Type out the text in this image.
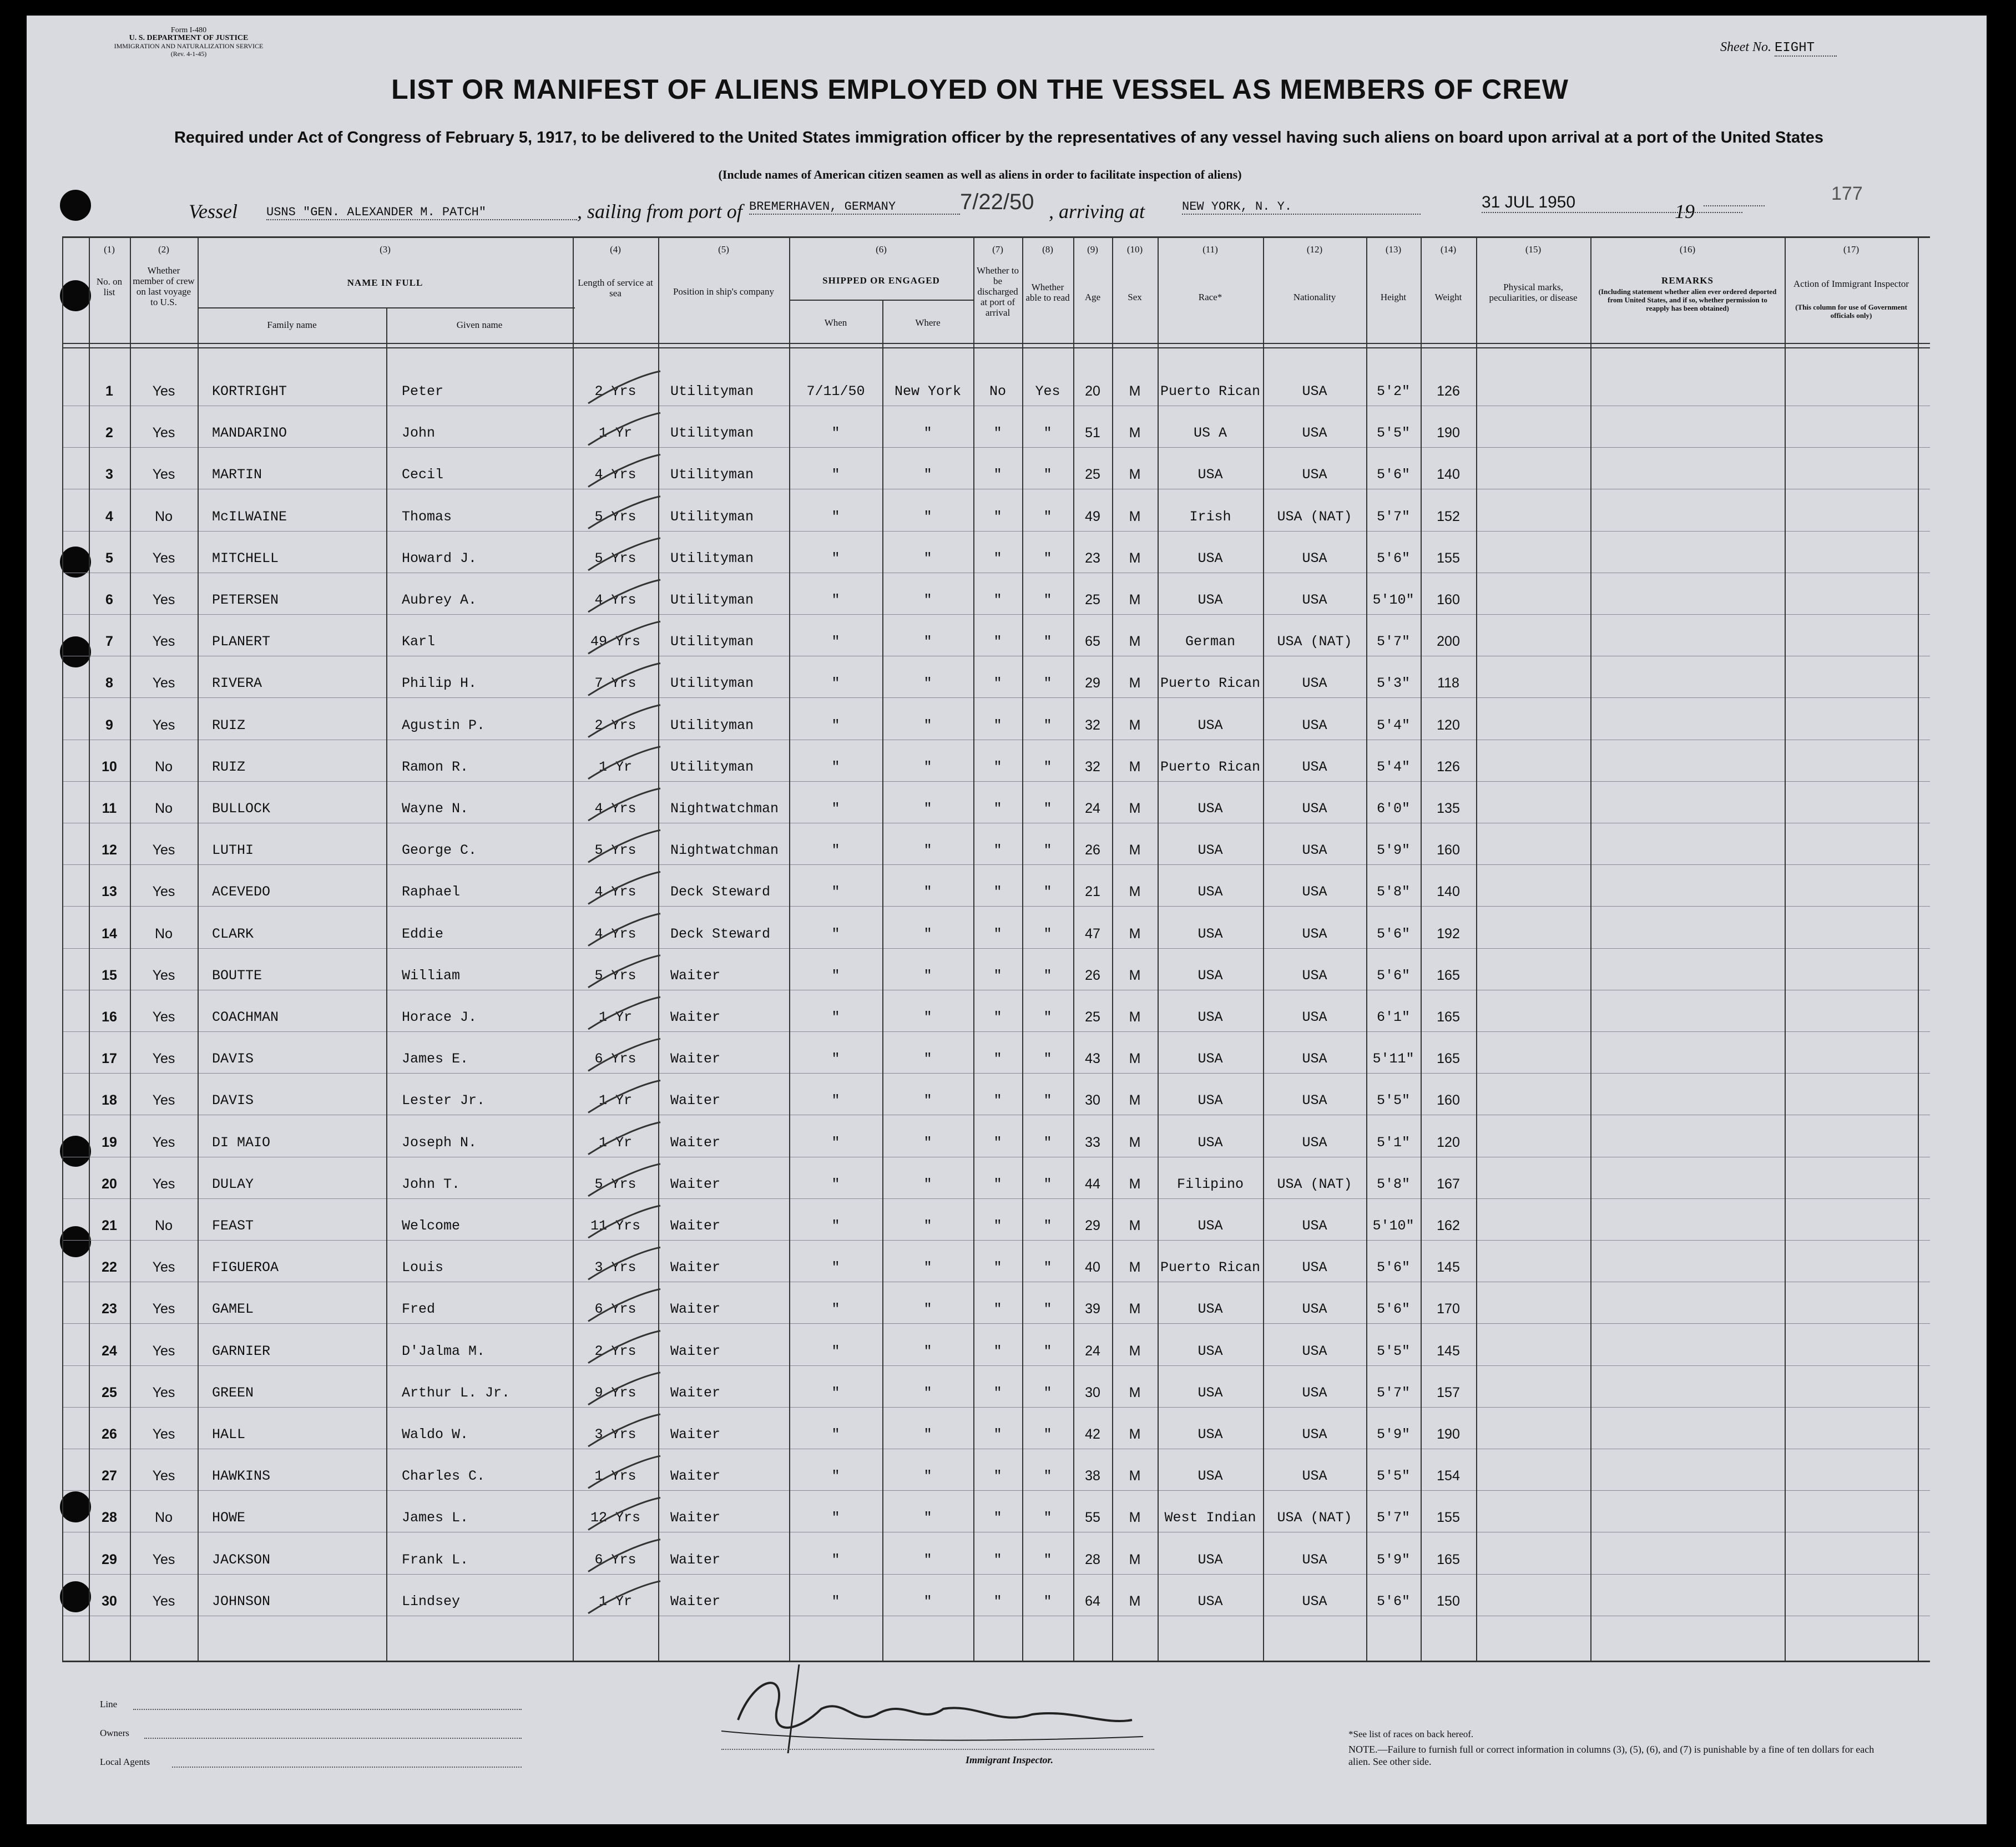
Form I-480
U. S. DEPARTMENT OF JUSTICE
IMMIGRATION AND NATURALIZATION SERVICE
(Rev. 4-1-45)	Sheet No. EIGHT
LIST OR MANIFEST OF ALIENS EMPLOYED ON THE VESSEL AS MEMBERS OF CREW
Required under Act of Congress of February 5, 1917, to be delivered to the United States immigration officer by the representatives of any vessel having such aliens on board upon arrival at a port of the United States
(Include names of American citizen seamen as well as aliens in order to facilitate inspection of aliens)
177
Vessel USNS "GEN. ALEXANDER M. PATCH"	, sailing from port of BREMERHAVEN, GERMANY	7/22/50 , arriving at	NEW YORK, N. Y.	31 JUL 1950	19
(1)	(2)	(3)	(4)	(5)	(6)	(7)	(8)	(9)	(10)	(11)	(12)	(13)	(14)	(15)	(16)	(17)
No. on list
Whether member of crew on last voyage to U.S.
NAME IN FULL
Family name	Given name
Length of service at sea	Position in ship's company
SHIPPED OR ENGAGED
When	Where
Whether to be discharged at port of arrival
Whether able to read	Age	Sex	Race*	Nationality	Height	Weight
Physical marks, peculiarities, or disease
REMARKS
(Including statement whether alien ever ordered deported from United States, and if so, whether permission to reapply has been obtained)
Action of Immigrant Inspector
(This column for use of Government officials only)
1	Yes	KORTRIGHT	Peter	2 Yrs	Utilityman	7/11/50	New York	No	Yes	20	M	Puerto Rican	USA	5'2"	126
2	Yes	MANDARINO	John	1 Yr	Utilityman	"	"	"	"	51	M	US A	USA	5'5"	190
3	Yes	MARTIN	Cecil	4 Yrs	Utilityman	"	"	"	"	25	M	USA	USA	5'6"	140
4	No	McILWAINE	Thomas	5 Yrs	Utilityman	"	"	"	"	49	M	Irish	USA (NAT)	5'7"	152
5	Yes	MITCHELL	Howard J.	5 Yrs	Utilityman	"	"	"	"	23	M	USA	USA	5'6"	155
6	Yes	PETERSEN	Aubrey A.	4 Yrs	Utilityman	"	"	"	"	25	M	USA	USA	5'10"	160
7	Yes	PLANERT	Karl	49 Yrs	Utilityman	"	"	"	"	65	M	German	USA (NAT)	5'7"	200
8	Yes	RIVERA	Philip H.	7 Yrs	Utilityman	"	"	"	"	29	M	Puerto Rican	USA	5'3"	118
9	Yes	RUIZ	Agustin P.	2 Yrs	Utilityman	"	"	"	"	32	M	USA	USA	5'4"	120
10	No	RUIZ	Ramon R.	1 Yr	Utilityman	"	"	"	"	32	M	Puerto Rican	USA	5'4"	126
11	No	BULLOCK	Wayne N.	4 Yrs	Nightwatchman	"	"	"	"	24	M	USA	USA	6'0"	135
12	Yes	LUTHI	George C.	5 Yrs	Nightwatchman	"	"	"	"	26	M	USA	USA	5'9"	160
13	Yes	ACEVEDO	Raphael	4 Yrs	Deck Steward	"	"	"	"	21	M	USA	USA	5'8"	140
14	No	CLARK	Eddie	4 Yrs	Deck Steward	"	"	"	"	47	M	USA	USA	5'6"	192
15	Yes	BOUTTE	William	5 Yrs	Waiter	"	"	"	"	26	M	USA	USA	5'6"	165
16	Yes	COACHMAN	Horace J.	1 Yr	Waiter	"	"	"	"	25	M	USA	USA	6'1"	165
17	Yes	DAVIS	James E.	6 Yrs	Waiter	"	"	"	"	43	M	USA	USA	5'11"	165
18	Yes	DAVIS	Lester Jr.	1 Yr	Waiter	"	"	"	"	30	M	USA	USA	5'5"	160
19	Yes	DI MAIO	Joseph N.	1 Yr	Waiter	"	"	"	"	33	M	USA	USA	5'1"	120
20	Yes	DULAY	John T.	5 Yrs	Waiter	"	"	"	"	44	M	Filipino	USA (NAT)	5'8"	167
21	No	FEAST	Welcome	11 Yrs	Waiter	"	"	"	"	29	M	USA	USA	5'10"	162
22	Yes	FIGUEROA	Louis	3 Yrs	Waiter	"	"	"	"	40	M	Puerto Rican	USA	5'6"	145
23	Yes	GAMEL	Fred	6 Yrs	Waiter	"	"	"	"	39	M	USA	USA	5'6"	170
24	Yes	GARNIER	D'Jalma M.	2 Yrs	Waiter	"	"	"	"	24	M	USA	USA	5'5"	145
25	Yes	GREEN	Arthur L. Jr.	9 Yrs	Waiter	"	"	"	"	30	M	USA	USA	5'7"	157
26	Yes	HALL	Waldo W.	3 Yrs	Waiter	"	"	"	"	42	M	USA	USA	5'9"	190
27	Yes	HAWKINS	Charles C.	1 Yrs	Waiter	"	"	"	"	38	M	USA	USA	5'5"	154
28	No	HOWE	James L.	12 Yrs	Waiter	"	"	"	"	55	M	West Indian	USA (NAT)	5'7"	155
29	Yes	JACKSON	Frank L.	6 Yrs	Waiter	"	"	"	"	28	M	USA	USA	5'9"	165
30	Yes	JOHNSON	Lindsey	1 Yr	Waiter	"	"	"	"	64	M	USA	USA	5'6"	150
Line
Owners
Local Agents	Immigrant Inspector.
*See list of races on back hereof.
NOTE.—Failure to furnish full or correct information in columns (3), (5), (6), and (7) is punishable by a fine of ten dollars for each alien. See other side.
